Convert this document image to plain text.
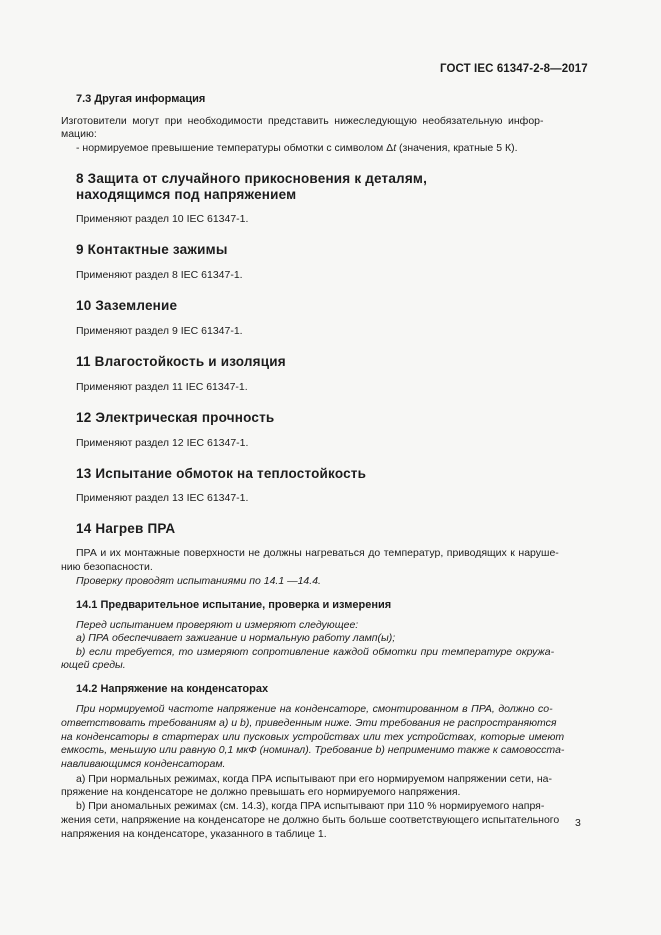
ГОСТ IEC 61347-2-8—2017
7.3 Другая информация
Изготовители могут при необходимости представить нижеследующую необязательную инфор-
мацию:
- нормируемое превышение температуры обмотки с символом Δt (значения, кратные 5 К).
8 Защита от случайного прикосновения к деталям,
находящимся под напряжением
Применяют раздел 10 IEC 61347-1.
9 Контактные зажимы
Применяют раздел 8 IEC 61347-1.
10 Заземление
Применяют раздел 9 IEC 61347-1.
11 Влагостойкость и изоляция
Применяют раздел 11 IEC 61347-1.
12 Электрическая прочность
Применяют раздел 12 IEC 61347-1.
13 Испытание обмоток на теплостойкость
Применяют раздел 13 IEC 61347-1.
14 Нагрев ПРА
ПРА и их монтажные поверхности не должны нагреваться до температур, приводящих к наруше-
нию безопасности.
Проверку проводят испытаниями по 14.1 —14.4.
14.1 Предварительное испытание, проверка и измерения
Перед испытанием проверяют и измеряют следующее:
a) ПРА обеспечивает зажигание и нормальную работу ламп(ы);
b) если требуется, то измеряют сопротивление каждой обмотки при температуре окружа-
ющей среды.
14.2 Напряжение на конденсаторах
При нормируемой частоте напряжение на конденсаторе, смонтированном в ПРА, должно со-
ответствовать требованиям a) и b), приведенным ниже. Эти требования не распространяются
на конденсаторы в стартерах или пусковых устройствах или тех устройствах, которые имеют
емкость, меньшую или равную 0,1 мкФ (номинал). Требование b) неприменимо также к самовосста-
навливающимся конденсаторам.
a) При нормальных режимах, когда ПРА испытывают при его нормируемом напряжении сети, на-
пряжение на конденсаторе не должно превышать его нормируемого напряжения.
b) При аномальных режимах (см. 14.3), когда ПРА испытывают при 110 % нормируемого напря-
жения сети, напряжение на конденсаторе не должно быть больше соответствующего испытательного
напряжения на конденсаторе, указанного в таблице 1.
3
